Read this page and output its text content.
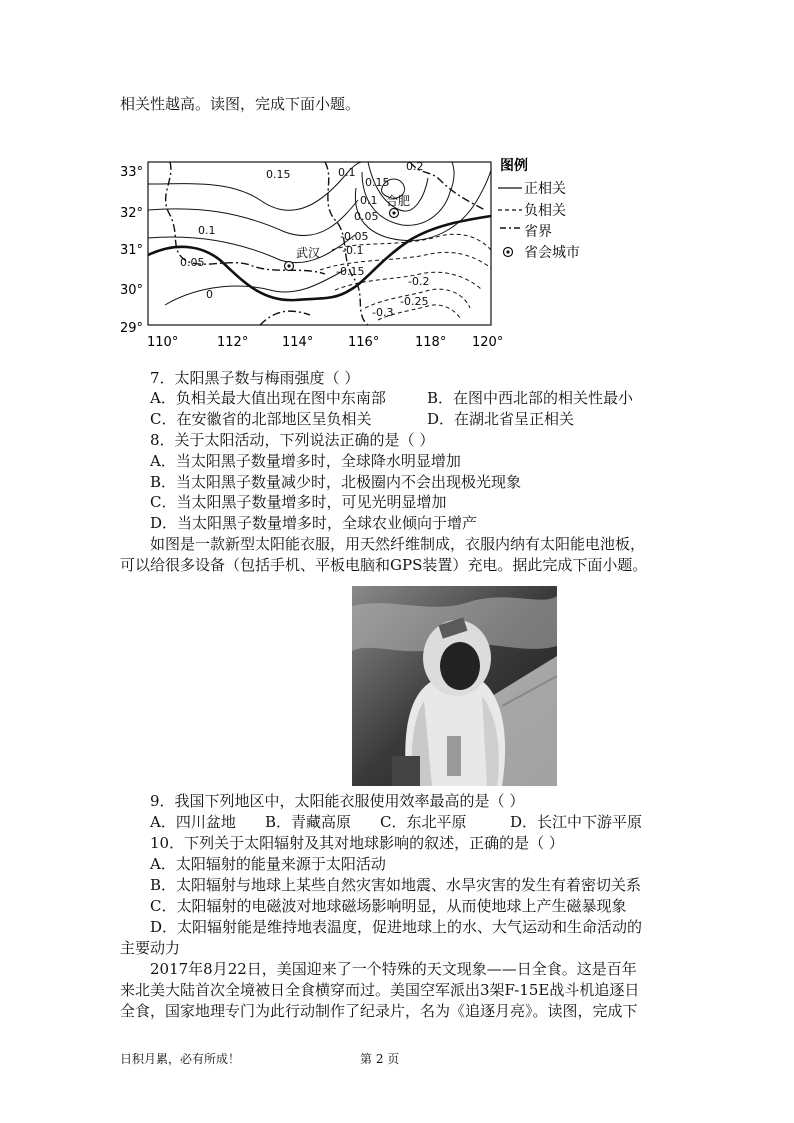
相关性越高。读图，完成下面小题。
33°
32°
31°
30°
29°
110°	112°	114°	116°	118° 120°
0.15
0.1
0.2
0.15
0.1
0.05
0.1
0.05
0
-0.05
-0.1
-0.15
-0.2
-0.25
-0.3
合肥
武汉
图例
正相关
负相关
省界
省会城市
7．太阳黑子数与梅雨强度（ ）
A．负相关最大值出现在图中东南部	B．在图中西北部的相关性最小
C．在安徽省的北部地区呈负相关	D．在湖北省呈正相关
8．关于太阳活动，下列说法正确的是（ ）
A．当太阳黑子数量增多时，全球降水明显增加
B．当太阳黑子数量减少时，北极圈内不会出现极光现象
C．当太阳黑子数量增多时，可见光明显增加
D．当太阳黑子数量增多时，全球农业倾向于增产
如图是一款新型太阳能衣服，用天然纤维制成，衣服内纳有太阳能电池板，
可以给很多设备（包括手机、平板电脑和GPS装置）充电。据此完成下面小题。
9．我国下列地区中，太阳能衣服使用效率最高的是（ ）
A．四川盆地 B．青藏高原 C．东北平原	D．长江中下游平原
10．下列关于太阳辐射及其对地球影响的叙述，正确的是（ ）
A．太阳辐射的能量来源于太阳活动
B．太阳辐射与地球上某些自然灾害如地震、水旱灾害的发生有着密切关系
C．太阳辐射的电磁波对地球磁场影响明显，从而使地球上产生磁暴现象
D．太阳辐射能是维持地表温度，促进地球上的水、大气运动和生命活动的
主要动力
2017年8月22日，美国迎来了一个特殊的天文现象——日全食。这是百年
来北美大陆首次全境被日全食横穿而过。美国空军派出3架F-15E战斗机追逐日
全食，国家地理专门为此行动制作了纪录片，名为《追逐月亮》。读图，完成下
日积月累，必有所成！	第 2 页
